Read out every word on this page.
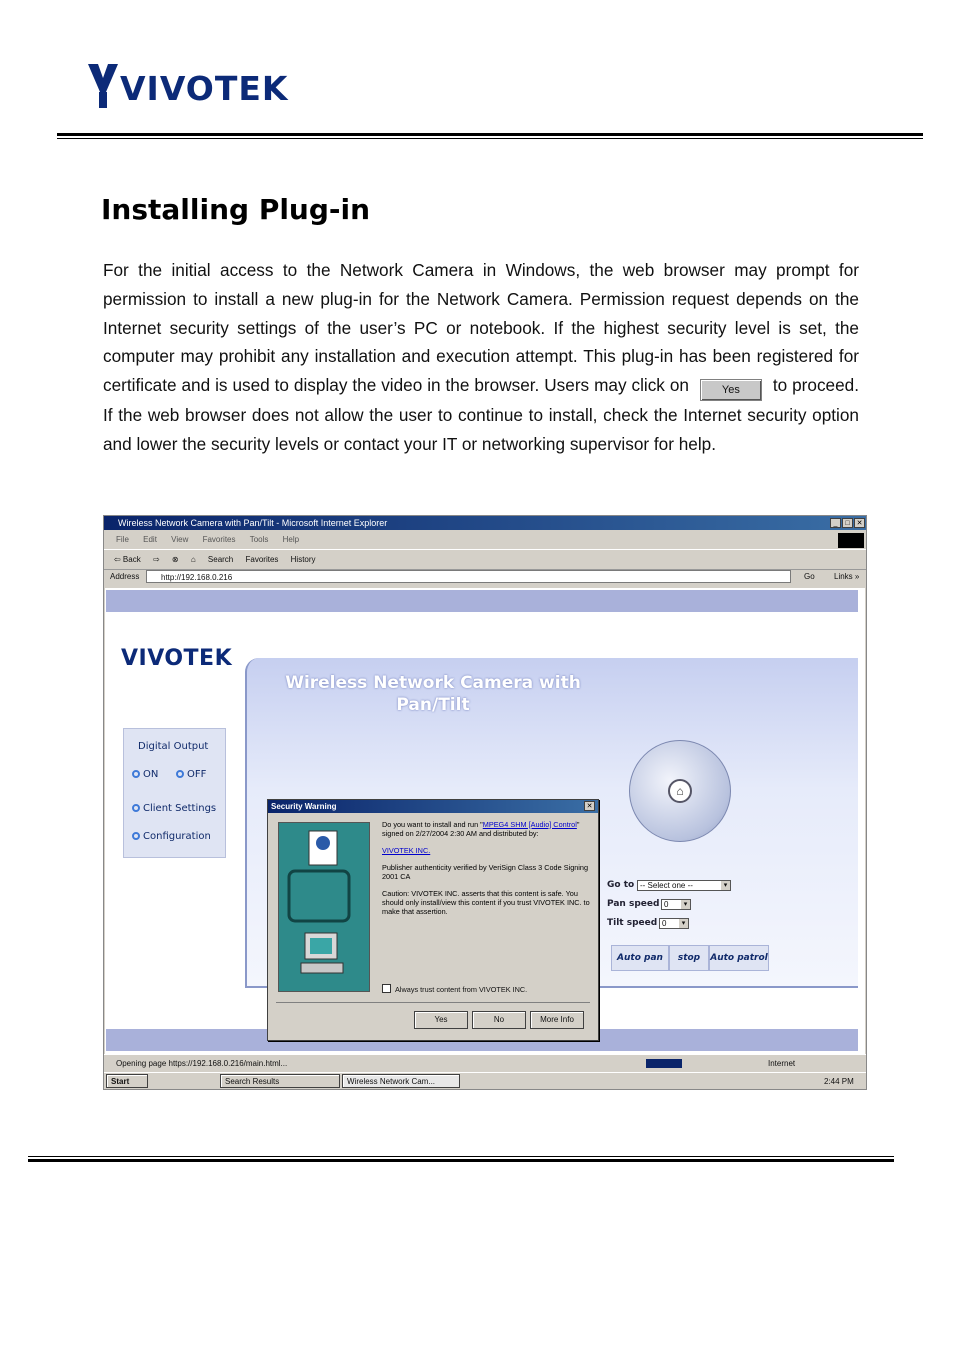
VIVOTEK
Installing Plug-in
For the initial access to the Network Camera in Windows, the web browser may prompt for permission to install a new plug-in for the Network Camera. Permission request depends on the Internet security settings of the user’s PC or notebook. If the highest security level is set, the computer may prohibit any installation and execution attempt. This plug-in has been registered for certificate and is used to display the video in the browser. Users may click on	Yes to proceed. If the web browser does not allow the user to continue to install, check the Internet security option and lower the security levels or contact your IT or networking supervisor for help.
Wireless Network Camera with Pan/Tilt - Microsoft Internet Explorer	_	□ ✕
File Edit View Favorites Tools Help
⇦ Back ⇨ ⊗ ⌂ Search Favorites History
Address	Go Links »
http://192.168.0.216
VIVOTEK
Digital Output
ON	OFF
Client Settings
Configuration
Wireless Network Camera with Pan/Tilt
⌂
Go to -- Select one -- ▾
Pan speed 0 ▾
Tilt speed 0 ▾
Auto pan	stop	Auto patrol
Security Warning	✕

Do you want to install and run "MPEG4 SHM [Audio] Control" signed on 2/27/2004 2:30 AM and distributed by:

VIVOTEK INC.

Publisher authenticity verified by VeriSign Class 3 Code Signing 2001 CA

Caution: VIVOTEK INC. asserts that this content is safe. You should only install/view this content if you trust VIVOTEK INC. to make that assertion.

Always trust content from VIVOTEK INC.
Yes	No	More Info
Opening page https://192.168.0.216/main.html...	Internet
Start	Search Results	Wireless Network Cam...	2:44 PM
